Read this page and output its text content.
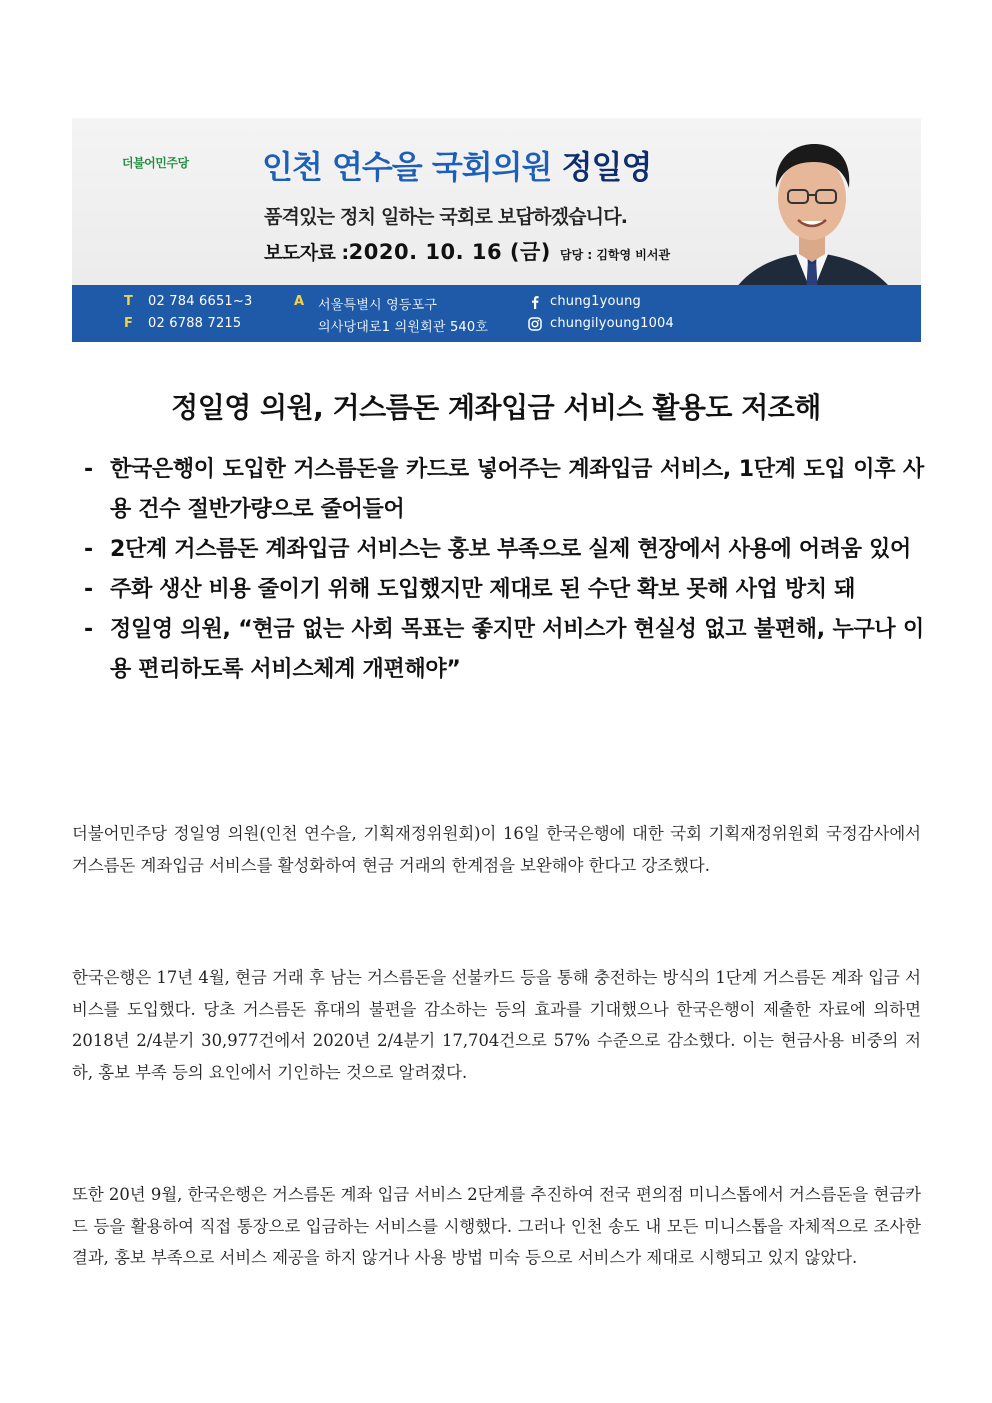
더불어민주당 인천 연수을 국회의원 정일영
품격있는 정치 일하는 국회로 보답하겠습니다.
보도자료 :2020. 10. 16 (금) 담당 : 김학영 비서관
T 02 784 6651~3
F 02 6788 7215
A 서울특별시 영등포구
의사당대로1 의원회관 540호
chung1young
chungilyoung1004
정일영 의원, 거스름돈 계좌입금 서비스 활용도 저조해
- 한국은행이 도입한 거스름돈을 카드로 넣어주는 계좌입금 서비스, 1단계 도입 이후 사용 건수 절반가량으로 줄어들어
- 2단계 거스름돈 계좌입금 서비스는 홍보 부족으로 실제 현장에서 사용에 어려움 있어
- 주화 생산 비용 줄이기 위해 도입했지만 제대로 된 수단 확보 못해 사업 방치 돼
- 정일영 의원, “현금 없는 사회 목표는 좋지만 서비스가 현실성 없고 불편해, 누구나 이용 편리하도록 서비스체계 개편해야”

더불어민주당 정일영 의원(인천 연수을, 기획재정위원회)이 16일 한국은행에 대한 국회 기획재정위원회 국정감사에서 거스름돈 계좌입금 서비스를 활성화하여 현금 거래의 한계점을 보완해야 한다고 강조했다.

한국은행은 17년 4월, 현금 거래 후 남는 거스름돈을 선불카드 등을 통해 충전하는 방식의 1단계 거스름돈 계좌 입금 서비스를 도입했다. 당초 거스름돈 휴대의 불편을 감소하는 등의 효과를 기대했으나 한국은행이 제출한 자료에 의하면 2018년 2/4분기 30,977건에서 2020년 2/4분기 17,704건으로 57% 수준으로 감소했다. 이는 현금사용 비중의 저하, 홍보 부족 등의 요인에서 기인하는 것으로 알려졌다.

또한 20년 9월, 한국은행은 거스름돈 계좌 입금 서비스 2단계를 추진하여 전국 편의점 미니스톱에서 거스름돈을 현금카드 등을 활용하여 직접 통장으로 입금하는 서비스를 시행했다. 그러나 인천 송도 내 모든 미니스톱을 자체적으로 조사한 결과, 홍보 부족으로 서비스 제공을 하지 않거나 사용 방법 미숙 등으로 서비스가 제대로 시행되고 있지 않았다.
